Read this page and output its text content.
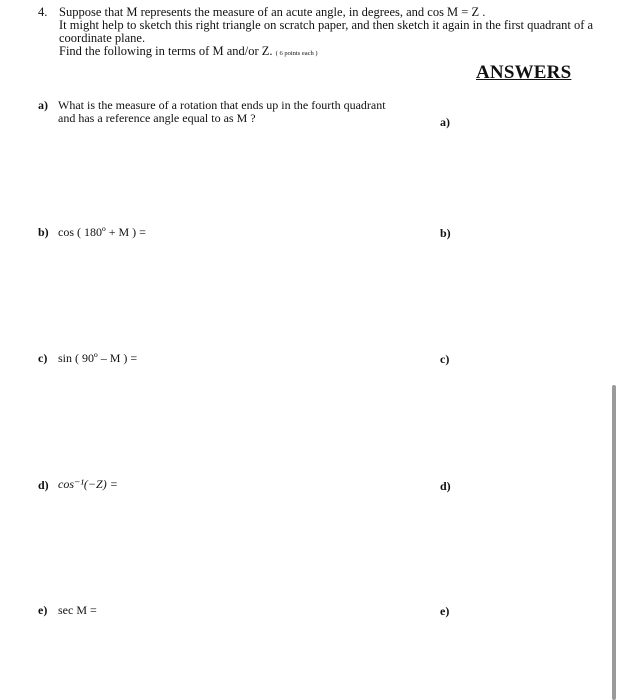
4. Suppose that M represents the measure of an acute angle, in degrees, and cos M = Z .
It might help to sketch this right triangle on scratch paper, and then sketch it again in the first quadrant of a
coordinate plane.
Find the following in terms of M and/or Z. ( 6 points each )
ANSWERS
a) What is the measure of a rotation that ends up in the fourth quadrant
and has a reference angle equal to as M ?	a)
b) cos ( 180º + M ) =	b)
c) sin ( 90º – M ) =	c)
d) cos⁻¹(−Z) =	d)
e) sec M =	e)
